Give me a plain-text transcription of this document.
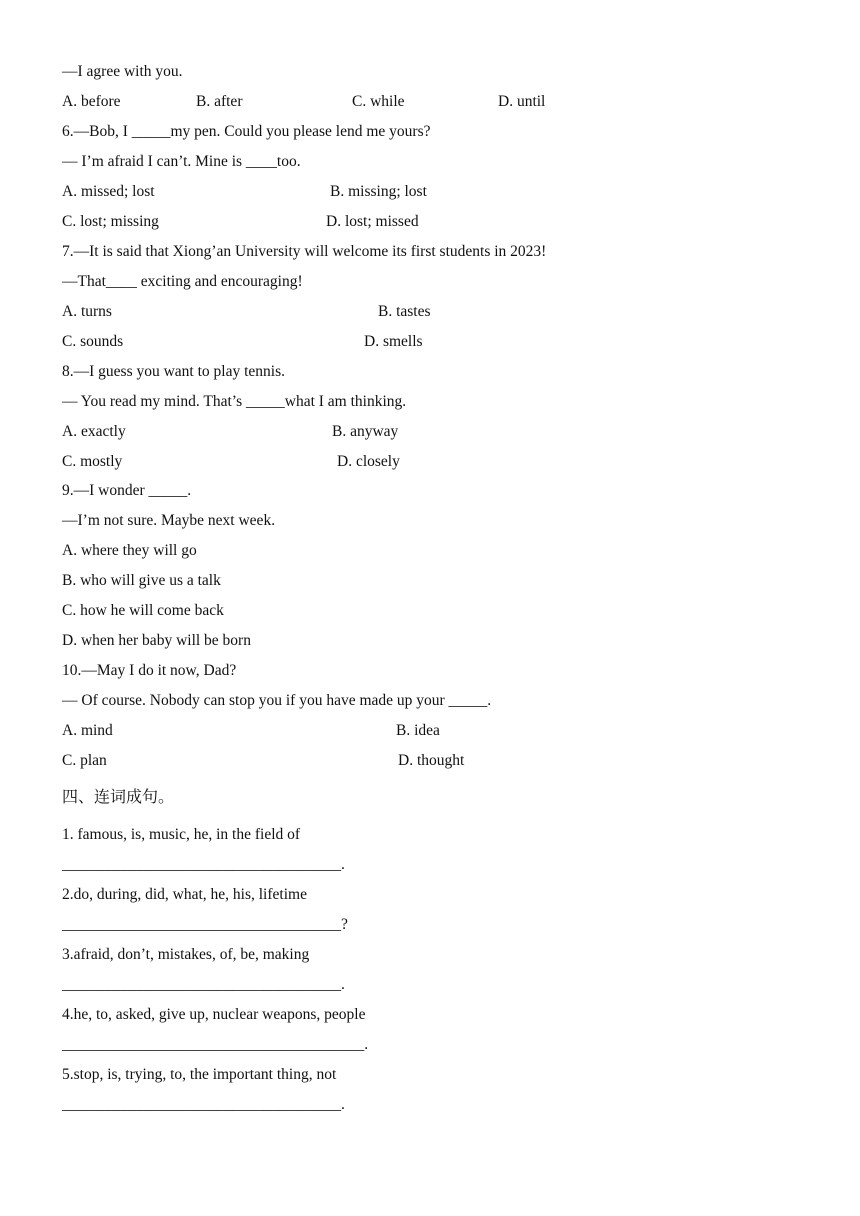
—I agree with you.
A. before	B. after	C. while	D. until
6.—Bob, I _____my pen. Could you please lend me yours?
— I’m afraid I can’t. Mine is ____too.
A. missed; lost	B. missing; lost
C. lost; missing	D. lost; missed
7.—It is said that Xiong’an University will welcome its first students in 2023!
—That____ exciting and encouraging!
A. turns	B. tastes
C. sounds	D. smells
8.—I guess you want to play tennis.
— You read my mind. That’s _____what I am thinking.
A. exactly	B. anyway
C. mostly	D. closely
9.—I wonder _____.
—I’m not sure. Maybe next week.
A. where they will go
B. who will give us a talk
C. how he will come back
D. when her baby will be born
10.—May I do it now, Dad?
— Of course. Nobody can stop you if you have made up your _____.
A. mind	B. idea
C. plan	D. thought
四、连词成句。
1. famous, is, music, he, in the field of
____________________________________.
2.do, during, did, what, he, his, lifetime
____________________________________?
3.afraid, don’t, mistakes, of, be, making
____________________________________.
4.he, to, asked, give up, nuclear weapons, people
_______________________________________.
5.stop, is, trying, to, the important thing, not
____________________________________.
